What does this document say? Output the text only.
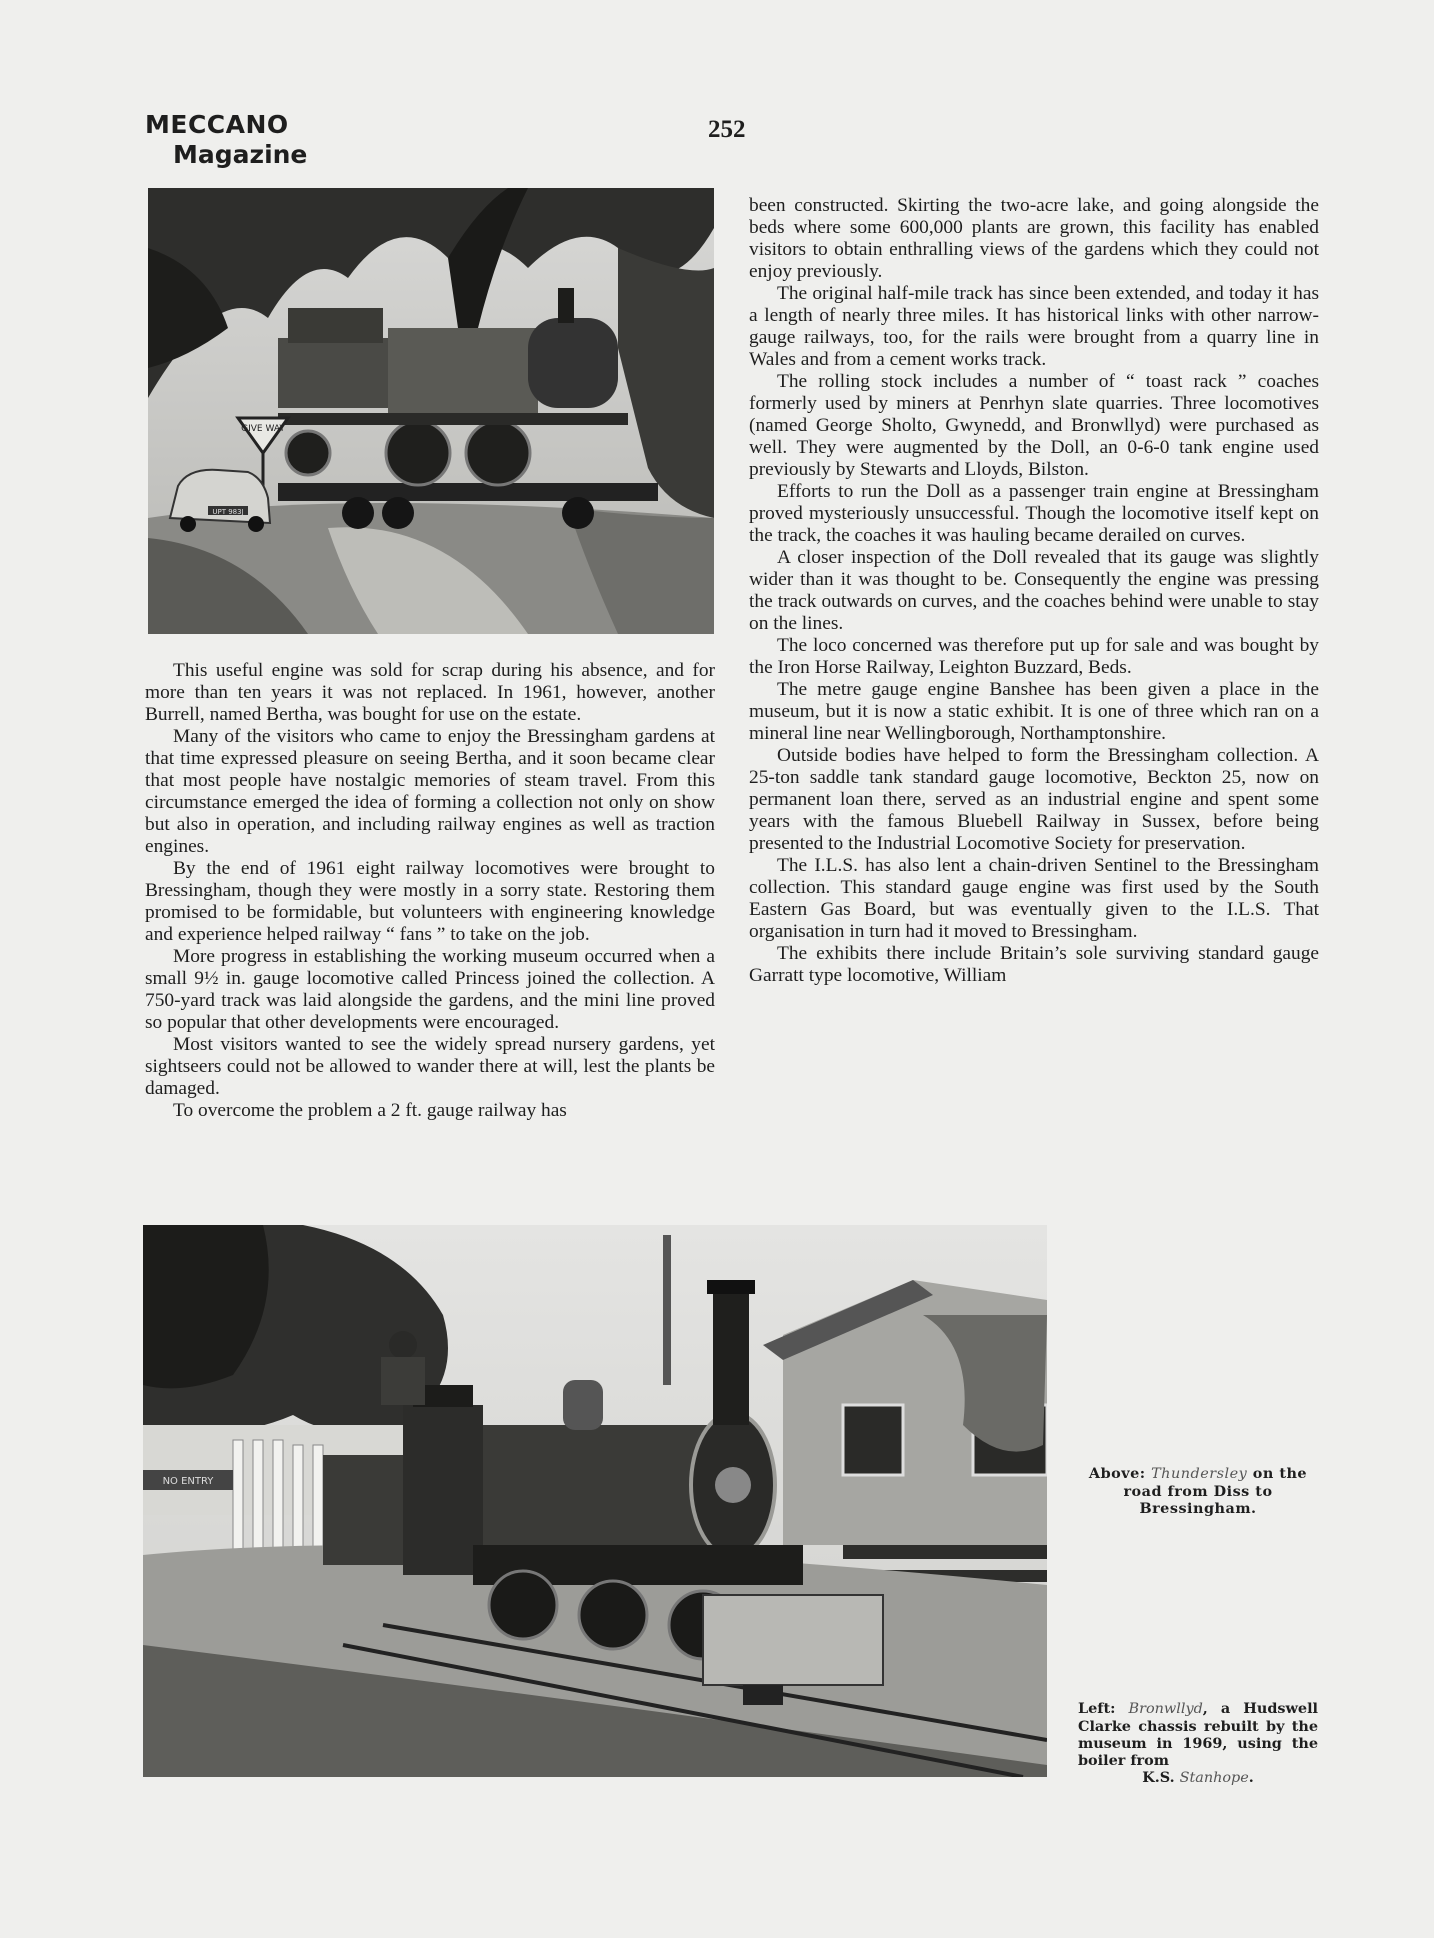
MECCANO
Magazine
252
GIVE WAY
UPT 983J

This useful engine was sold for scrap during his absence, and for more than ten years it was not replaced. In 1961, however, another Burrell, named Bertha, was bought for use on the estate.

Many of the visitors who came to enjoy the Bressingham gardens at that time expressed pleasure on seeing Bertha, and it soon became clear that most people have nostalgic memories of steam travel. From this circumstance emerged the idea of forming a collection not only on show but also in operation, and including railway engines as well as traction engines.

By the end of 1961 eight railway locomotives were brought to Bressingham, though they were mostly in a sorry state. Restoring them promised to be formidable, but volunteers with engineering knowledge and experience helped railway “ fans ” to take on the job.

More progress in establishing the working museum occurred when a small 9½ in. gauge locomotive called Princess joined the collection. A 750-yard track was laid alongside the gardens, and the mini line proved so popular that other developments were encouraged.

Most visitors wanted to see the widely spread nursery gardens, yet sightseers could not be allowed to wander there at will, lest the plants be damaged.

To overcome the problem a 2 ft. gauge railway has

been constructed. Skirting the two-acre lake, and going alongside the beds where some 600,000 plants are grown, this facility has enabled visitors to obtain enthralling views of the gardens which they could not enjoy previously.

The original half-mile track has since been extended, and today it has a length of nearly three miles. It has historical links with other narrow-gauge railways, too, for the rails were brought from a quarry line in Wales and from a cement works track.

The rolling stock includes a number of “ toast rack ” coaches formerly used by miners at Penrhyn slate quarries. Three locomotives (named George Sholto, Gwynedd, and Bronwllyd) were purchased as well. They were augmented by the Doll, an 0-6-0 tank engine used previously by Stewarts and Lloyds, Bilston.

Efforts to run the Doll as a passenger train engine at Bressingham proved mysteriously unsuccessful. Though the locomotive itself kept on the track, the coaches it was hauling became derailed on curves.

A closer inspection of the Doll revealed that its gauge was slightly wider than it was thought to be. Consequently the engine was pressing the track outwards on curves, and the coaches behind were unable to stay on the lines.

The loco concerned was therefore put up for sale and was bought by the Iron Horse Railway, Leighton Buzzard, Beds.

The metre gauge engine Banshee has been given a place in the museum, but it is now a static exhibit. It is one of three which ran on a mineral line near Wellingborough, Northamptonshire.

Outside bodies have helped to form the Bressingham collection. A 25-ton saddle tank standard gauge locomotive, Beckton 25, now on permanent loan there, served as an industrial engine and spent some years with the famous Bluebell Railway in Sussex, before being presented to the Industrial Locomotive Society for preservation.

The I.L.S. has also lent a chain-driven Sentinel to the Bressingham collection. This standard gauge engine was first used by the South Eastern Gas Board, but was eventually given to the I.L.S. That organisation in turn had it moved to Bressingham.

The exhibits there include Britain’s sole surviving standard gauge Garratt type locomotive, William

NO ENTRY	Above: Thundersley on the road from Diss to Bressingham.
Left: Bronwllyd, a Hudswell Clarke chassis rebuilt by the museum in 1969, using the boiler from
K.S. Stanhope.
